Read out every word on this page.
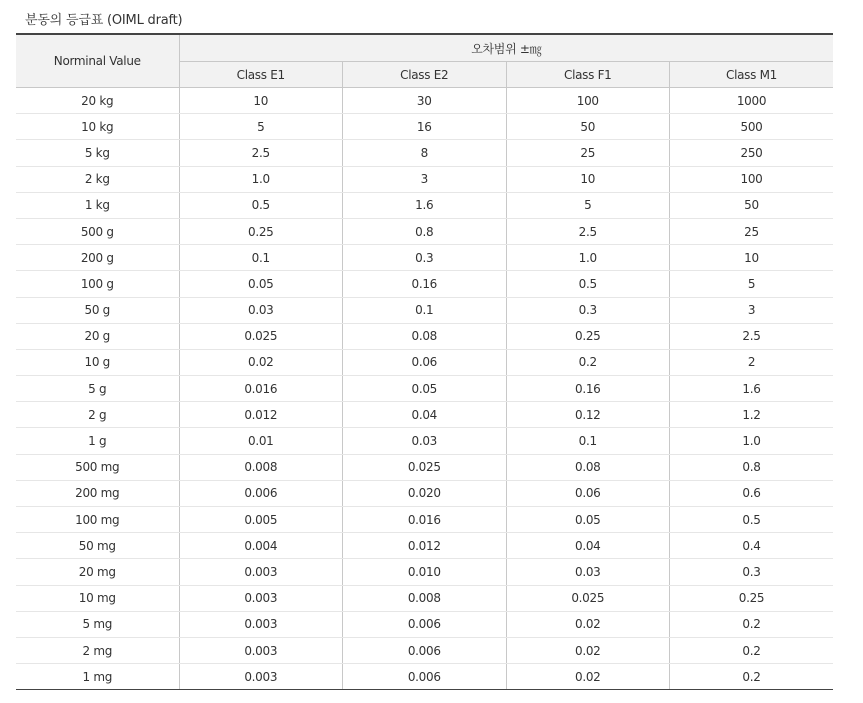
분동의 등급표 (OIML draft)
Norminal Value	오차범위 ±㎎			
	Class E1	Class E2	Class F1	Class M1
20 kg	10	30	100	1000
10 kg	5	16	50	500
5 kg	2.5	8	25	250
2 kg	1.0	3	10	100
1 kg	0.5	1.6	5	50
500 g	0.25	0.8	2.5	25
200 g	0.1	0.3	1.0	10
100 g	0.05	0.16	0.5	5
50 g	0.03	0.1	0.3	3
20 g	0.025	0.08	0.25	2.5
10 g	0.02	0.06	0.2	2
5 g	0.016	0.05	0.16	1.6
2 g	0.012	0.04	0.12	1.2
1 g	0.01	0.03	0.1	1.0
500 mg	0.008	0.025	0.08	0.8
200 mg	0.006	0.020	0.06	0.6
100 mg	0.005	0.016	0.05	0.5
50 mg	0.004	0.012	0.04	0.4
20 mg	0.003	0.010	0.03	0.3
10 mg	0.003	0.008	0.025	0.25
5 mg	0.003	0.006	0.02	0.2
2 mg	0.003	0.006	0.02	0.2
1 mg	0.003	0.006	0.02	0.2
